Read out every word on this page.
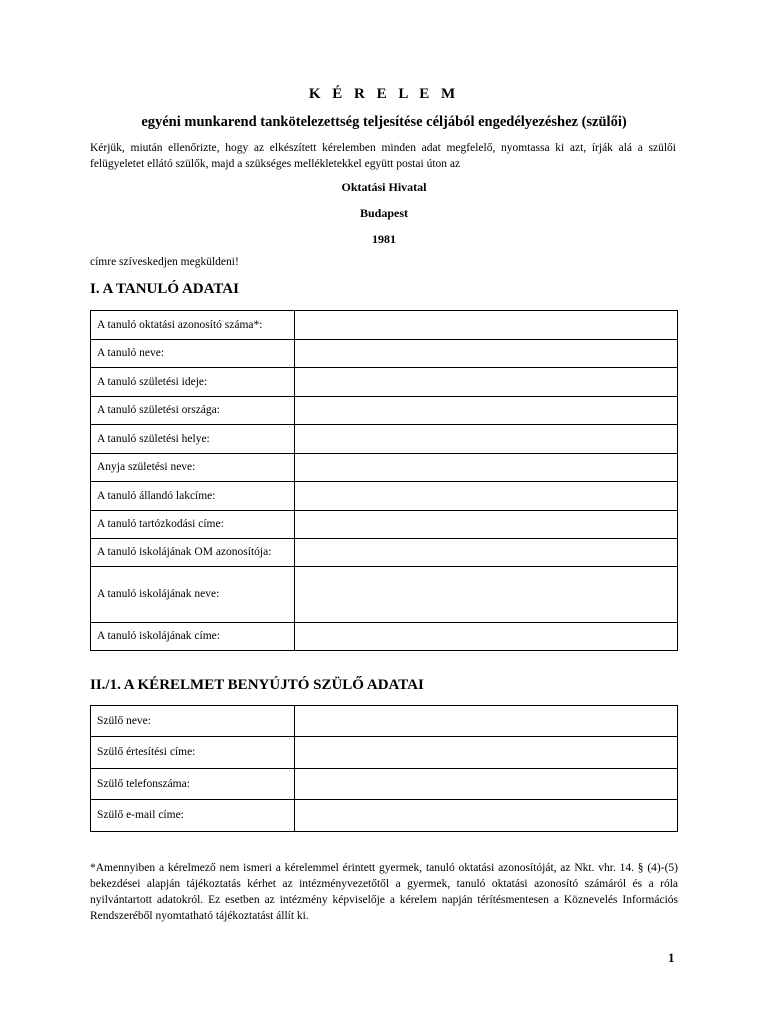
K É R E L E M
egyéni munkarend tankötelezettség teljesítése céljából engedélyezéshez (szülői)
Kérjük, miután ellenőrizte, hogy az elkészített kérelemben minden adat megfelelő, nyomtassa ki azt, írják alá a szülői felügyeletet ellátó szülők, majd a szükséges mellékletekkel együtt postai úton az
Oktatási Hivatal
Budapest
1981
címre szíveskedjen megküldeni!
I. A TANULÓ ADATAI
A tanuló oktatási azonosító száma*:	
A tanuló neve:	
A tanuló születési ideje:	
A tanuló születési országa:	
A tanuló születési helye:	
Anyja születési neve:	
A tanuló állandó lakcíme:	
A tanuló tartózkodási címe:	
A tanuló iskolájának OM azonosítója:	
A tanuló iskolájának neve:	
A tanuló iskolájának címe:	
II./1. A KÉRELMET BENYÚJTÓ SZÜLŐ ADATAI
Szülő neve:	
Szülő értesítési címe:	
Szülő telefonszáma:	
Szülő e-mail címe:	
*Amennyiben a kérelmező nem ismeri a kérelemmel érintett gyermek, tanuló oktatási azonosítóját, az Nkt. vhr. 14. § (4)-(5) bekezdései alapján tájékoztatás kérhet az intézményvezetőtől a gyermek, tanuló oktatási azonosító számáról és a róla nyilvántartott adatokról. Ez esetben az intézmény képviselője a kérelem napján térítésmentesen a Köznevelés Információs Rendszeréből nyomtatható tájékoztatást állít ki.
1
